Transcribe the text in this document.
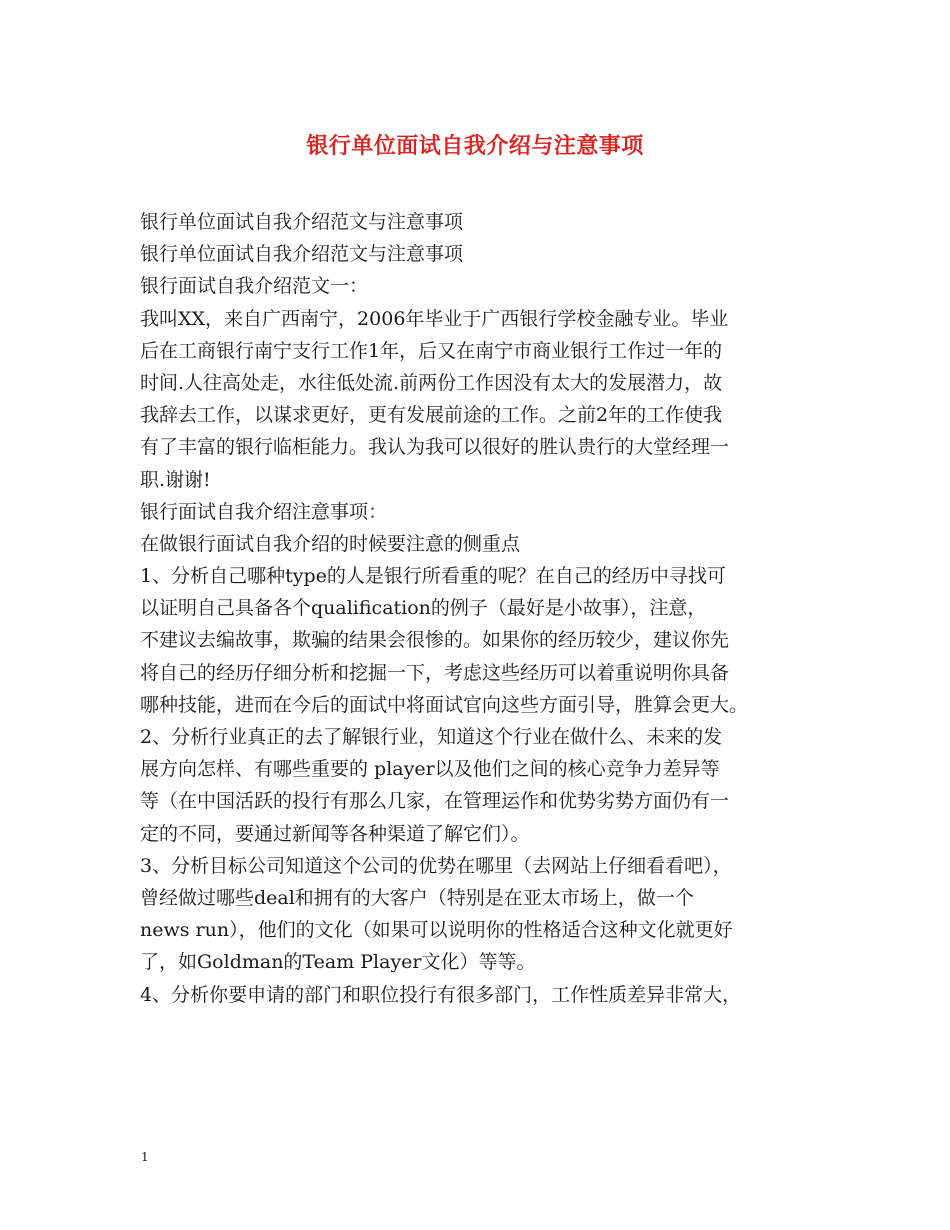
银行单位面试自我介绍与注意事项
银行单位面试自我介绍范文与注意事项
银行单位面试自我介绍范文与注意事项
银行面试自我介绍范文一：
我叫XX，来自广西南宁，2006年毕业于广西银行学校金融专业。毕业
后在工商银行南宁支行工作1年，后又在南宁市商业银行工作过一年的
时间.人往高处走，水往低处流.前两份工作因没有太大的发展潜力，故
我辞去工作，以谋求更好，更有发展前途的工作。之前2年的工作使我
有了丰富的银行临柜能力。我认为我可以很好的胜认贵行的大堂经理一
职.谢谢!
银行面试自我介绍注意事项：
在做银行面试自我介绍的时候要注意的侧重点
1、分析自己哪种type的人是银行所看重的呢？在自己的经历中寻找可
以证明自己具备各个qualification的例子（最好是小故事），注意，
不建议去编故事，欺骗的结果会很惨的。如果你的经历较少，建议你先
将自己的经历仔细分析和挖掘一下，考虑这些经历可以着重说明你具备
哪种技能，进而在今后的面试中将面试官向这些方面引导，胜算会更大。
2、分析行业真正的去了解银行业，知道这个行业在做什么、未来的发
展方向怎样、有哪些重要的 player以及他们之间的核心竞争力差异等
等（在中国活跃的投行有那么几家，在管理运作和优势劣势方面仍有一
定的不同，要通过新闻等各种渠道了解它们）。
3、分析目标公司知道这个公司的优势在哪里（去网站上仔细看看吧），
曾经做过哪些deal和拥有的大客户（特别是在亚太市场上，做一个
news run），他们的文化（如果可以说明你的性格适合这种文化就更好
了，如Goldman的Team Player文化）等等。
4、分析你要申请的部门和职位投行有很多部门，工作性质差异非常大，
1
